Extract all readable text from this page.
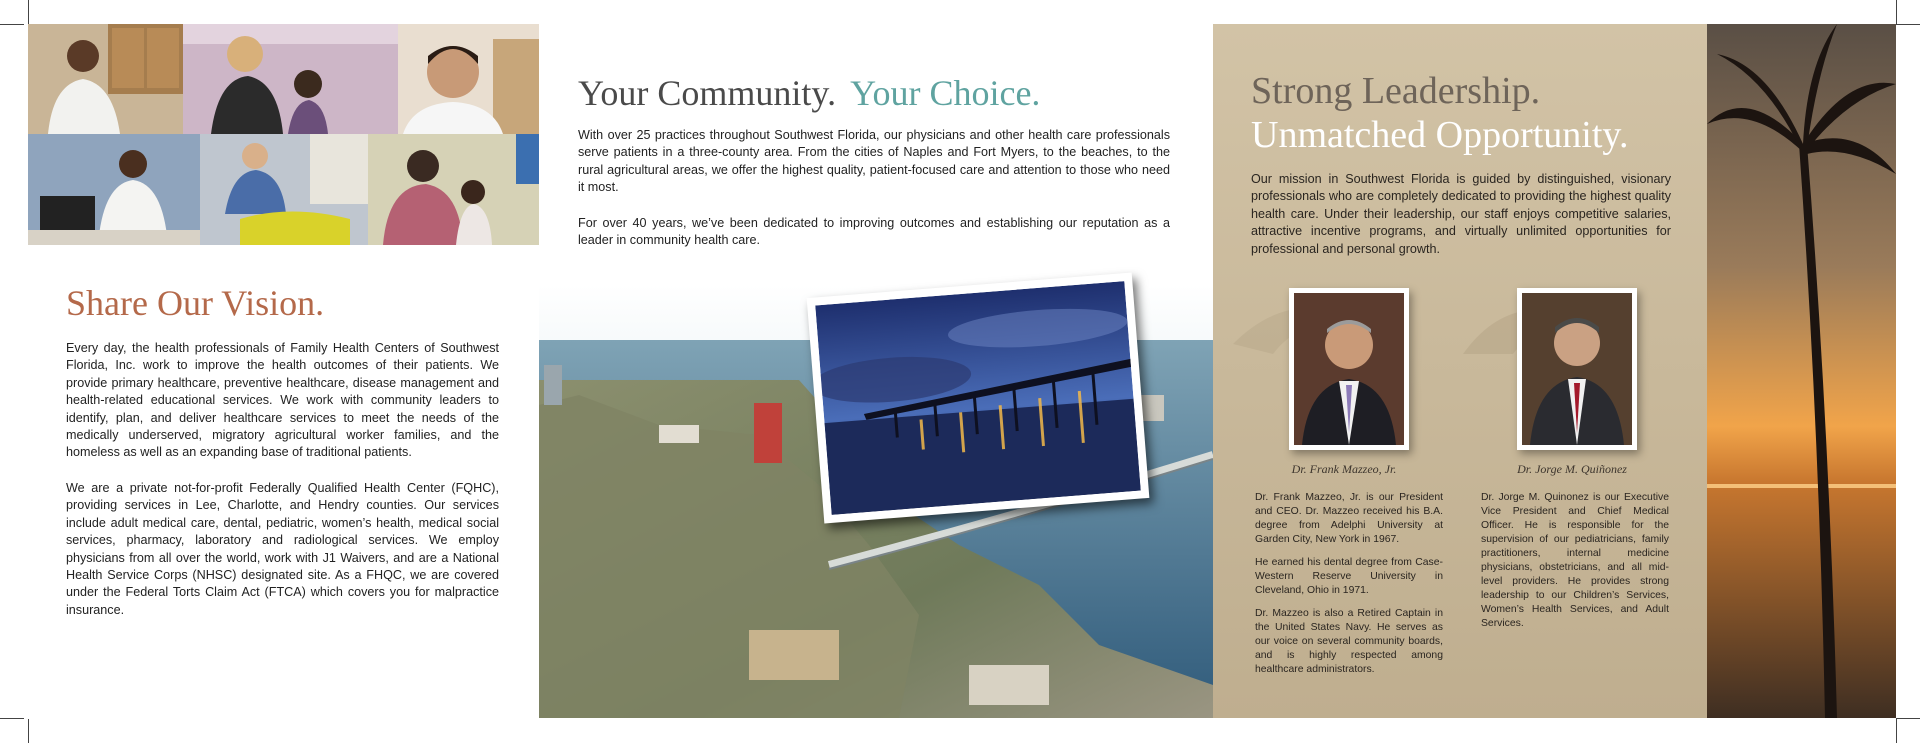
Share Our Vision.

Every day, the health professionals of Family Health Centers of Southwest Florida, Inc. work to improve the health outcomes of their patients. We provide primary healthcare, preventive healthcare, disease management and health-related educational services. We work with community leaders to identify, plan, and deliver healthcare services to meet the needs of the medically underserved, migratory agricultural worker families, and the homeless as well as an expanding base of traditional patients.

We are a private not-for-profit Federally Qualified Health Center (FQHC), providing services in Lee, Charlotte, and Hendry counties. Our services include adult medical care, dental, pediatric, women’s health, medical social services, pharmacy, laboratory and radiological services. We employ physicians from all over the world, work with J1 Waivers, and are a National Health Service Corps (NHSC) designated site. As a FHQC, we are covered under the Federal Torts Claim Act (FTCA) which covers you for malpractice insurance.

Your Community. Your Choice.

With over 25 practices throughout Southwest Florida, our physicians and other health care professionals serve patients in a three-county area. From the cities of Naples and Fort Myers, to the beaches, to the rural agricultural areas, we offer the highest quality, patient-focused care and attention to those who need it most.

For over 40 years, we’ve been dedicated to improving outcomes and establishing our reputation as a leader in community health care.

Strong Leadership.
Unmatched Opportunity.

Our mission in Southwest Florida is guided by distinguished, visionary professionals who are completely dedicated to providing the highest quality health care. Under their leadership, our staff enjoys competitive salaries, attractive incentive programs, and virtually unlimited opportunities for professional and personal growth.

Dr. Frank Mazzeo, Jr.	Dr. Jorge M. Quiñonez

Dr. Frank Mazzeo, Jr. is our President and CEO. Dr. Mazzeo received his B.A. degree from Adelphi University at Garden City, New York in 1967.

He earned his dental degree from Case-Western Reserve University in Cleveland, Ohio in 1971.

Dr. Mazzeo is also a Retired Captain in the United States Navy. He serves as our voice on several community boards, and is highly respected among healthcare administrators.

Dr. Jorge M. Quinonez is our Executive Vice President and Chief Medical Officer. He is responsible for the supervision of our pediatricians, family practitioners, internal medicine physicians, obstetricians, and all mid-level providers. He provides strong leadership to our Children’s Services, Women’s Health Services, and Adult Services.
